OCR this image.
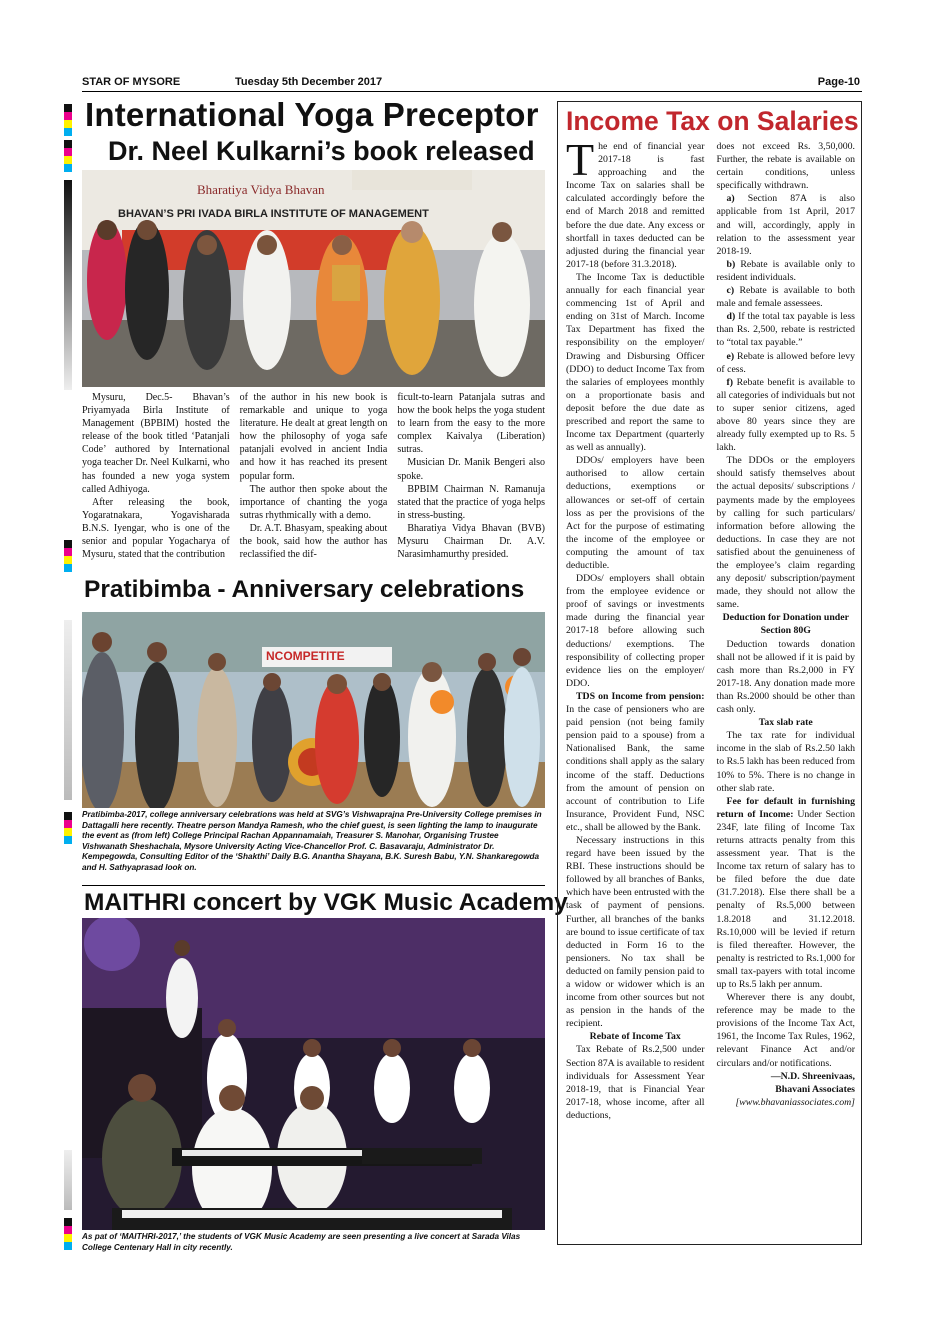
STAR OF MYSORE	Tuesday 5th December 2017	Page-10
International Yoga Preceptor
Dr. Neel Kulkarni’s book released
Bharatiya Vidya Bhavan
BHAVAN’S PRI IVADA BIRLA INSTITUTE OF MANAGEMENT

Mysuru, Dec.5- Bhavan’s Priyamyada Birla Institute of Management (BPBIM) hosted the release of the book titled ‘Patanjali Code’ authored by International yoga teacher Dr. Neel Kulkarni, who has founded a new yoga system called Adhiyoga.

After releasing the book, Yogaratnakara, Yogavisharada B.N.S. Iyengar, who is one of the senior and popular Yogacharya of Mysuru, stated that the contribution

of the author in his new book is remarkable and unique to yoga literature. He dealt at great length on how the philosophy of yoga safe patanjali evolved in ancient India and how it has reached its present popular form.

The author then spoke about the importance of chanting the yoga sutras rhythmically with a demo.

Dr. A.T. Bhasyam, speaking about the book, said how the author has reclassified the dif-

ficult-to-learn Patanjala sutras and how the book helps the yoga student to learn from the easy to the more complex Kaivalya (Liberation) sutras.

Musician Dr. Manik Bengeri also spoke.

BPBIM Chairman N. Ramanuja stated that the practice of yoga helps in stress-busting.

Bharatiya Vidya Bhavan (BVB) Mysuru Chairman Dr. A.V. Narasimhamurthy presided.

Pratibimba - Anniversary celebrations
NCOMPETITE
Pratibimba-2017, college anniversary celebrations was held at SVG’s Vishwaprajna Pre-University College premises in Dattagalli here recently. Theatre person Mandya Ramesh, who the chief guest, is seen lighting the lamp to inaugurate the event as (from left) College Principal Rachan Appannamaiah, Treasurer S. Manohar, Organising Trustee Vishwanath Sheshachala, Mysore University Acting Vice-Chancellor Prof. C. Basavaraju, Administrator Dr. Kempegowda, Consulting Editor of the ‘Shakthi’ Daily B.G. Anantha Shayana, B.K. Suresh Babu, Y.N. Shankaregowda and H. Sathyaprasad look on.
MAITHRI concert by VGK Music Academy
As pat of ‘MAITHRI-2017,’ the students of VGK Music Academy are seen presenting a live concert at Sarada Vilas College Centenary Hall in city recently.
Income Tax on Salaries

The end of financial year 2017-18 is fast approaching and the Income Tax on salaries shall be calculated accordingly before the end of March 2018 and remitted before the due date. Any excess or shortfall in taxes deducted can be adjusted during the financial year 2017-18 (before 31.3.2018).

The Income Tax is deductible annually for each financial year commencing 1st of April and ending on 31st of March. Income Tax Department has fixed the responsibility on the employer/ Drawing and Disbursing Officer (DDO) to deduct Income Tax from the salaries of employees monthly on a proportionate basis and deposit before the due date as prescribed and report the same to Income tax Department (quarterly as well as annually).

DDOs/ employers have been authorised to allow certain deductions, exemptions or allowances or set-off of certain loss as per the provisions of the Act for the purpose of estimating the income of the employee or computing the amount of tax deductible.

DDOs/ employers shall obtain from the employee evidence or proof of savings or investments made during the financial year 2017-18 before allowing such deductions/ exemptions. The responsibility of collecting proper evidence lies on the employer/ DDO.

TDS on Income from pension: In the case of pensioners who are paid pension (not being family pension paid to a spouse) from a Nationalised Bank, the same conditions shall apply as the salary income of the staff. Deductions from the amount of pension on account of contribution to Life Insurance, Provident Fund, NSC etc., shall be allowed by the Bank.

Necessary instructions in this regard have been issued by the RBI. These instructions should be followed by all branches of Banks, which have been entrusted with the task of payment of pensions. Further, all branches of the banks are bound to issue certificate of tax deducted in Form 16 to the pensioners. No tax shall be deducted on family pension paid to a widow or widower which is an income from other sources but not as pension in the hands of the recipient.

Rebate of Income Tax

Tax Rebate of Rs.2,500 under Section 87A is available to resident individuals for Assessment Year 2018-19, that is Financial Year 2017-18, whose income, after all deductions,

does not exceed Rs. 3,50,000. Further, the rebate is available on certain conditions, unless specifically withdrawn.

a) Section 87A is also applicable from 1st April, 2017 and will, accordingly, apply in relation to the assessment year 2018-19.

b) Rebate is available only to resident individuals.

c) Rebate is available to both male and female assessees.

d) If the total tax payable is less than Rs. 2,500, rebate is restricted to “total tax payable.”

e) Rebate is allowed before levy of cess.

f) Rebate benefit is available to all categories of individuals but not to super senior citizens, aged above 80 years since they are already fully exempted up to Rs. 5 lakh.

The DDOs or the employers should satisfy themselves about the actual deposits/ subscriptions / payments made by the employees by calling for such particulars/ information before allowing the deductions. In case they are not satisfied about the genuineness of the employee’s claim regarding any deposit/ subscription/payment made, they should not allow the same.

Deduction for Donation under Section 80G

Deduction towards donation shall not be allowed if it is paid by cash more than Rs.2,000 in FY 2017-18. Any donation made more than Rs.2000 should be other than cash only.

Tax slab rate

The tax rate for individual income in the slab of Rs.2.50 lakh to Rs.5 lakh has been reduced from 10% to 5%. There is no change in other slab rate.

Fee for default in furnishing return of Income: Under Section 234F, late filing of Income Tax returns attracts penalty from this assessment year. That is the Income tax return of salary has to be filed before the due date (31.7.2018). Else there shall be a penalty of Rs.5,000 between 1.8.2018 and 31.12.2018. Rs.10,000 will be levied if return is filed thereafter. However, the penalty is restricted to Rs.1,000 for small tax-payers with total income up to Rs.5 lakh per annum.

Wherever there is any doubt, reference may be made to the provisions of the Income Tax Act, 1961, the Income Tax Rules, 1962, relevant Finance Act and/or circulars and/or notifications.

—N.D. Shreenivaas,

Bhavani Associates

[www.bhavaniassociates.com]
